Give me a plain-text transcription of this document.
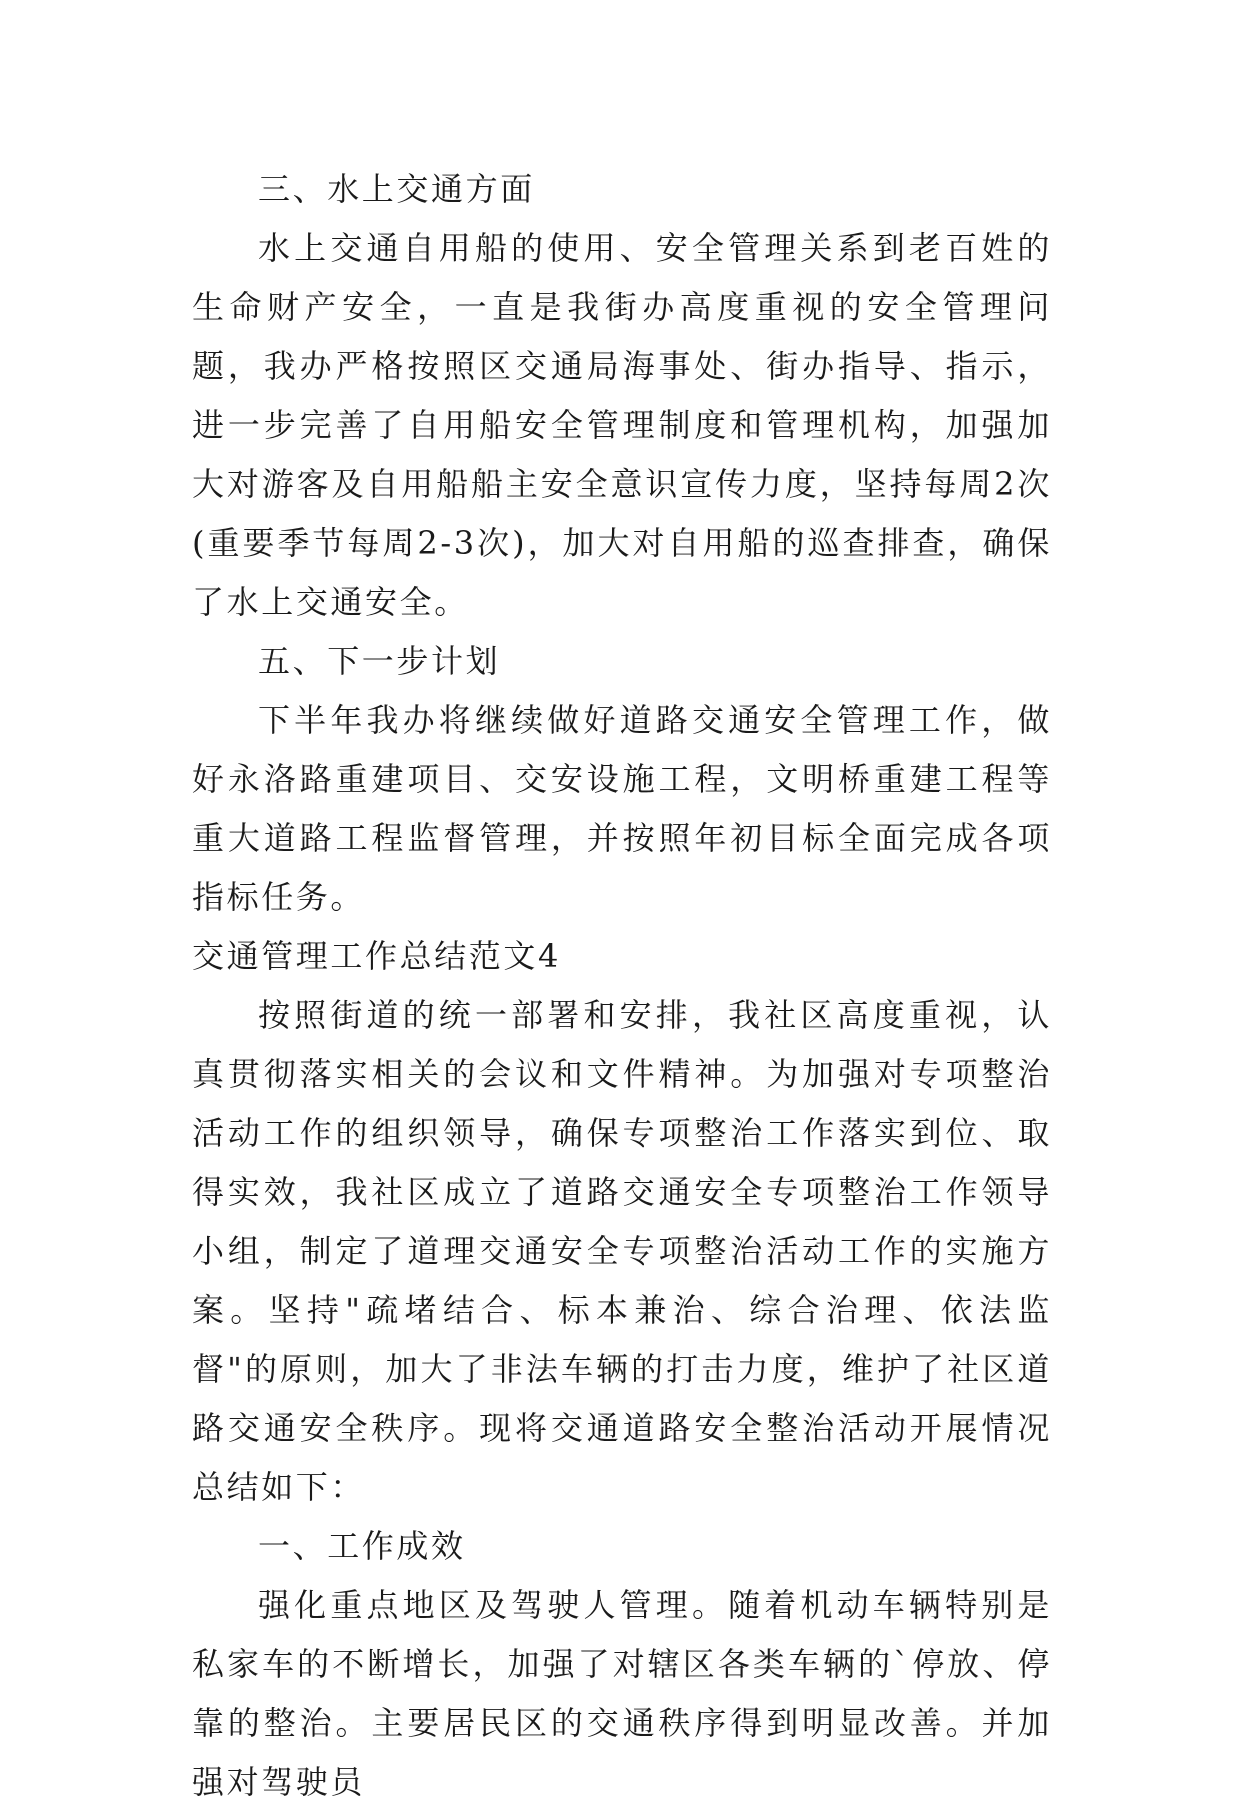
三、水上交通方面

水上交通自用船的使用、安全管理关系到老百姓的生命财产安全，一直是我街办高度重视的安全管理问题，我办严格按照区交通局海事处、街办指导、指示，进一步完善了自用船安全管理制度和管理机构，加强加大对游客及自用船船主安全意识宣传力度，坚持每周2次(重要季节每周2-3次)，加大对自用船的巡查排查，确保了水上交通安全。

五、下一步计划

下半年我办将继续做好道路交通安全管理工作，做好永洛路重建项目、交安设施工程，文明桥重建工程等重大道路工程监督管理，并按照年初目标全面完成各项指标任务。

交通管理工作总结范文4

按照街道的统一部署和安排，我社区高度重视，认真贯彻落实相关的会议和文件精神。为加强对专项整治活动工作的组织领导，确保专项整治工作落实到位、取得实效，我社区成立了道路交通安全专项整治工作领导小组，制定了道理交通安全专项整治活动工作的实施方案。坚持"疏堵结合、标本兼治、综合治理、依法监督"的原则，加大了非法车辆的打击力度，维护了社区道路交通安全秩序。现将交通道路安全整治活动开展情况总结如下：

一、工作成效

强化重点地区及驾驶人管理。随着机动车辆特别是私家车的不断增长，加强了对辖区各类车辆的`停放、停靠的整治。主要居民区的交通秩序得到明显改善。并加强对驾驶员
